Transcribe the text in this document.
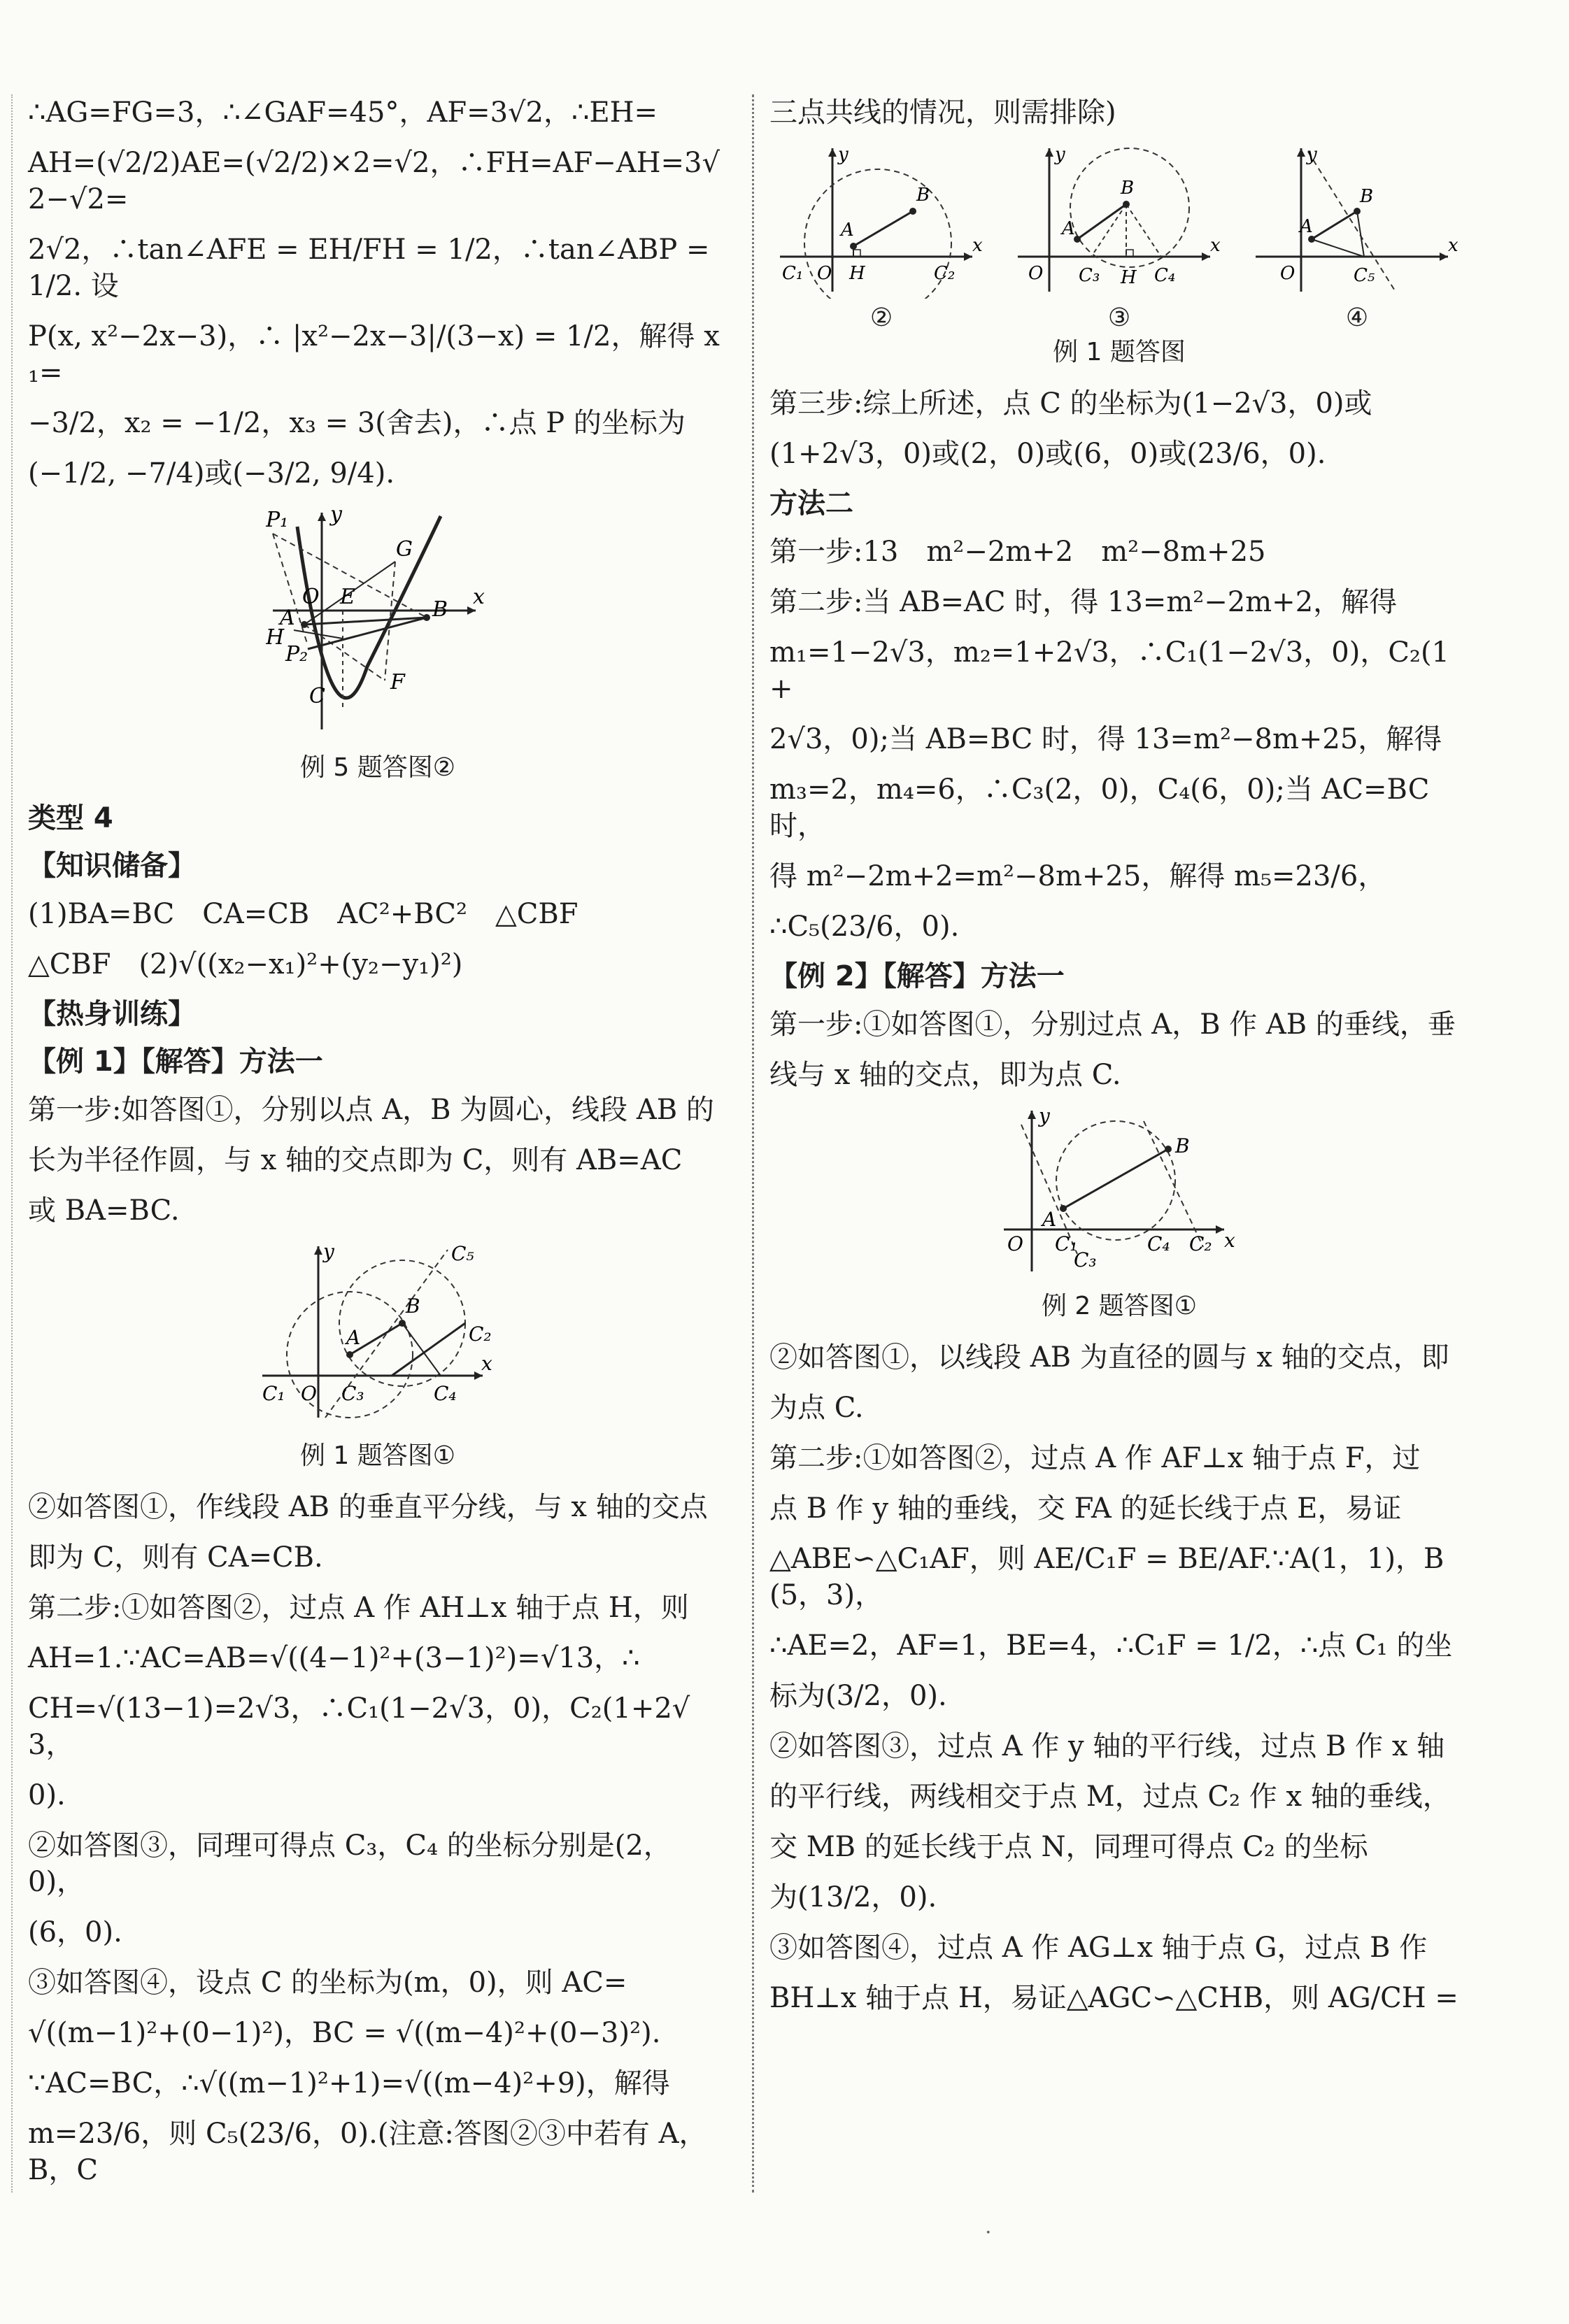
∴AG=FG=3，∴∠GAF=45°，AF=3√2，∴EH=

AH=(√2/2)AE=(√2/2)×2=√2，∴FH=AF−AH=3√2−√2=

2√2，∴tan∠AFE = EH/FH = 1/2，∴tan∠ABP = 1/2. 设

P(x, x²−2x−3)，∴ |x²−2x−3|/(3−x) = 1/2，解得 x₁=

−3/2，x₂ = −1/2，x₃ = 3(舍去)，∴点 P 的坐标为

(−1/2, −7/4)或(−3/2, 9/4).

y
x
P₁
O E
G
A
H
P₂
B
C
F
例 5 题答图②
类型 4
【知识储备】

(1)BA=BC　CA=CB　AC²+BC²　△CBF

△CBF　(2)√((x₂−x₁)²+(y₂−y₁)²)

【热身训练】
【例 1】【解答】方法一

第一步:如答图①，分别以点 A，B 为圆心，线段 AB 的

长为半径作圆，与 x 轴的交点即为 C，则有 AB=AC

或 BA=BC.

y
x
A
B
C₁ O C₃	C₄
C₂
C₅
例 1 题答图①

②如答图①，作线段 AB 的垂直平分线，与 x 轴的交点

即为 C，则有 CA=CB.

第二步:①如答图②，过点 A 作 AH⊥x 轴于点 H，则

AH=1.∵AC=AB=√((4−1)²+(3−1)²)=√13，∴

CH=√(13−1)=2√3，∴C₁(1−2√3，0)，C₂(1+2√3，

0).

②如答图③，同理可得点 C₃，C₄ 的坐标分别是(2，0)，

(6，0).

③如答图④，设点 C 的坐标为(m，0)，则 AC=

√((m−1)²+(0−1)²)，BC = √((m−4)²+(0−3)²).

∵AC=BC，∴√((m−1)²+1)=√((m−4)²+9)，解得

m=23/6，则 C₅(23/6，0).(注意:答图②③中若有 A，B，C

三点共线的情况，则需排除)

y
x
A
B
C₁ O H	C₂
②
y
x
A
B
O C₃ H C₄
③
y
x
A
B
O	C₅
④
例 1 题答图

第三步:综上所述，点 C 的坐标为(1−2√3，0)或

(1+2√3，0)或(2，0)或(6，0)或(23/6，0).

方法二

第一步:13　m²−2m+2　m²−8m+25

第二步:当 AB=AC 时，得 13=m²−2m+2，解得

m₁=1−2√3，m₂=1+2√3，∴C₁(1−2√3，0)，C₂(1+

2√3，0);当 AB=BC 时，得 13=m²−8m+25，解得

m₃=2，m₄=6，∴C₃(2，0)，C₄(6，0);当 AC=BC 时，

得 m²−2m+2=m²−8m+25，解得 m₅=23/6，

∴C₅(23/6，0).

【例 2】【解答】方法一

第一步:①如答图①，分别过点 A，B 作 AB 的垂线，垂

线与 x 轴的交点，即为点 C.

y
x
B
A
O C₁
C₃
C₄ C₂
例 2 题答图①

②如答图①，以线段 AB 为直径的圆与 x 轴的交点，即

为点 C.

第二步:①如答图②，过点 A 作 AF⊥x 轴于点 F，过

点 B 作 y 轴的垂线，交 FA 的延长线于点 E，易证

△ABE∽△C₁AF，则 AE/C₁F = BE/AF.∵A(1，1)，B(5，3)，

∴AE=2，AF=1，BE=4，∴C₁F = 1/2，∴点 C₁ 的坐

标为(3/2，0).

②如答图③，过点 A 作 y 轴的平行线，过点 B 作 x 轴

的平行线，两线相交于点 M，过点 C₂ 作 x 轴的垂线，

交 MB 的延长线于点 N，同理可得点 C₂ 的坐标

为(13/2，0).

③如答图④，过点 A 作 AG⊥x 轴于点 G，过点 B 作

BH⊥x 轴于点 H，易证△AGC∽△CHB，则 AG/CH =

·
